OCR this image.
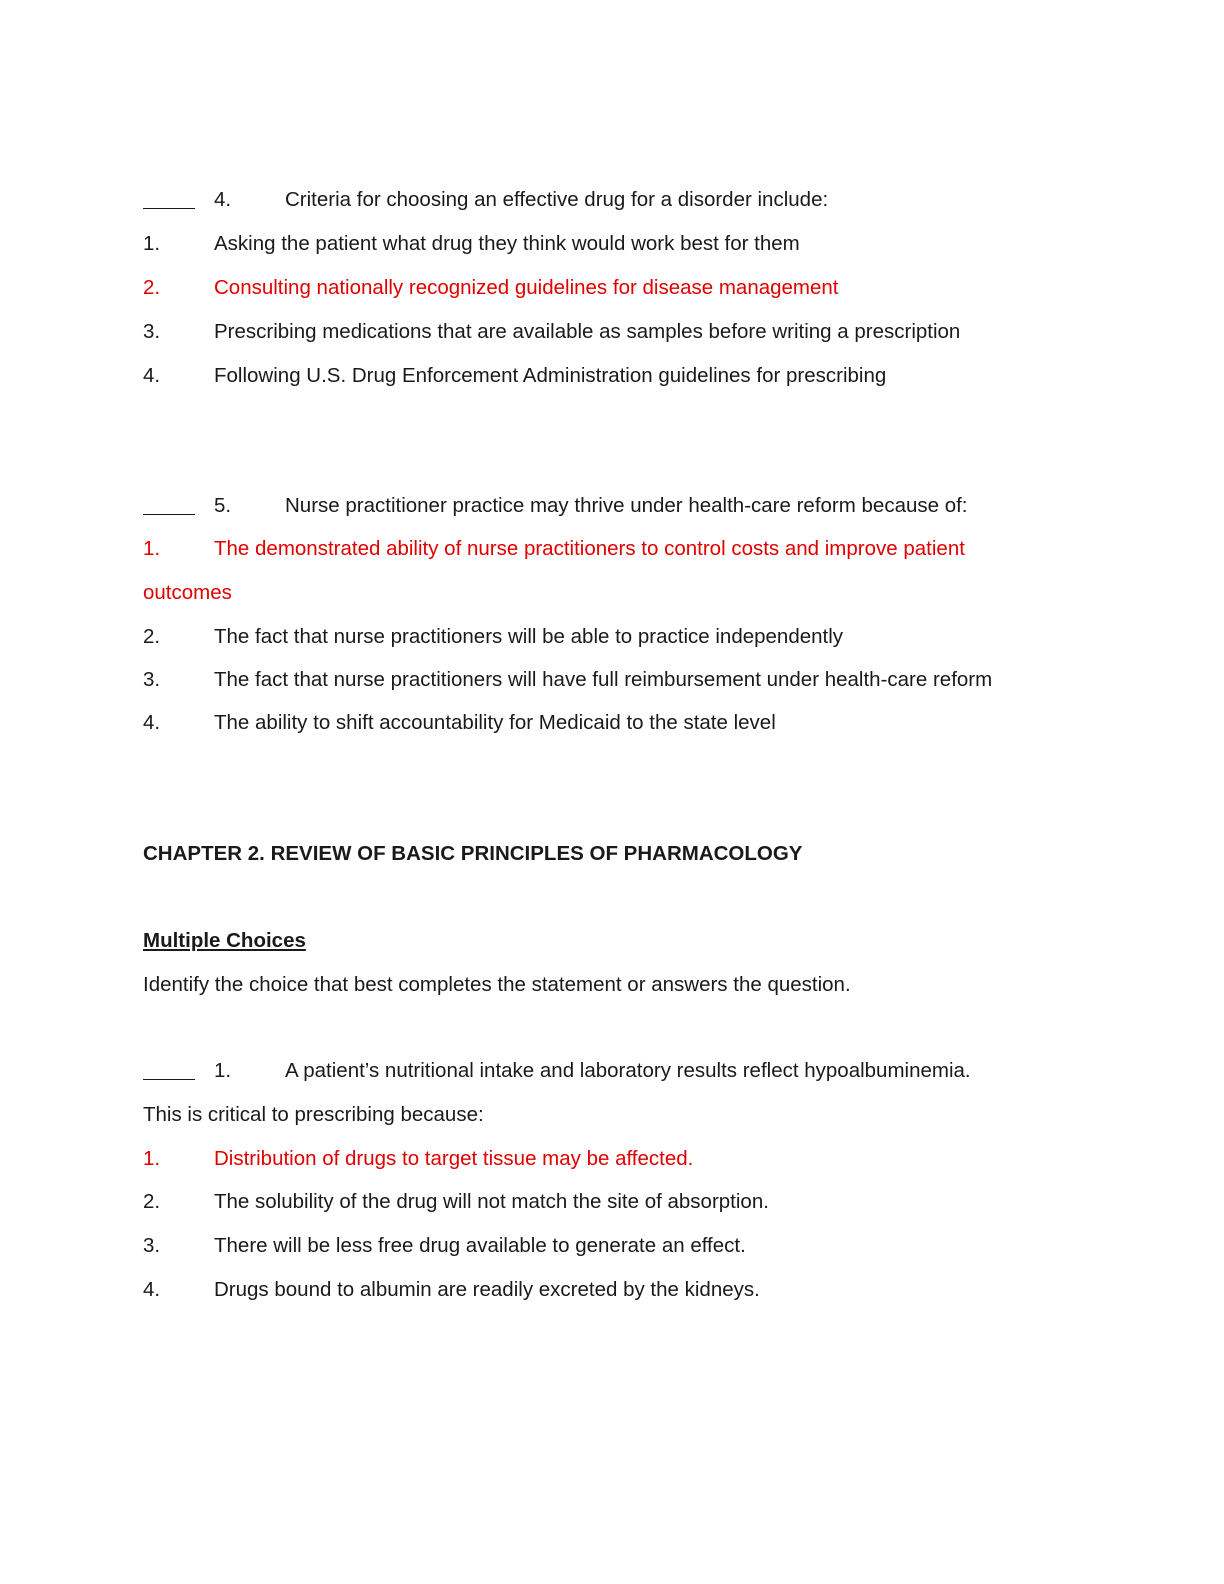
4.	Criteria for choosing an effective drug for a disorder include:
1.	Asking the patient what drug they think would work best for them
2.	Consulting nationally recognized guidelines for disease management
3.	Prescribing medications that are available as samples before writing a prescription
4.	Following U.S. Drug Enforcement Administration guidelines for prescribing
5.	Nurse practitioner practice may thrive under health-care reform because of:
1.	The demonstrated ability of nurse practitioners to control costs and improve patient
outcomes
2.	The fact that nurse practitioners will be able to practice independently
3.	The fact that nurse practitioners will have full reimbursement under health-care reform
4.	The ability to shift accountability for Medicaid to the state level
CHAPTER 2. REVIEW OF BASIC PRINCIPLES OF PHARMACOLOGY
Multiple Choices
Identify the choice that best completes the statement or answers the question.
1.	A patient’s nutritional intake and laboratory results reflect hypoalbuminemia.
This is critical to prescribing because:
1.	Distribution of drugs to target tissue may be affected.
2.	The solubility of the drug will not match the site of absorption.
3.	There will be less free drug available to generate an effect.
4.	Drugs bound to albumin are readily excreted by the kidneys.
